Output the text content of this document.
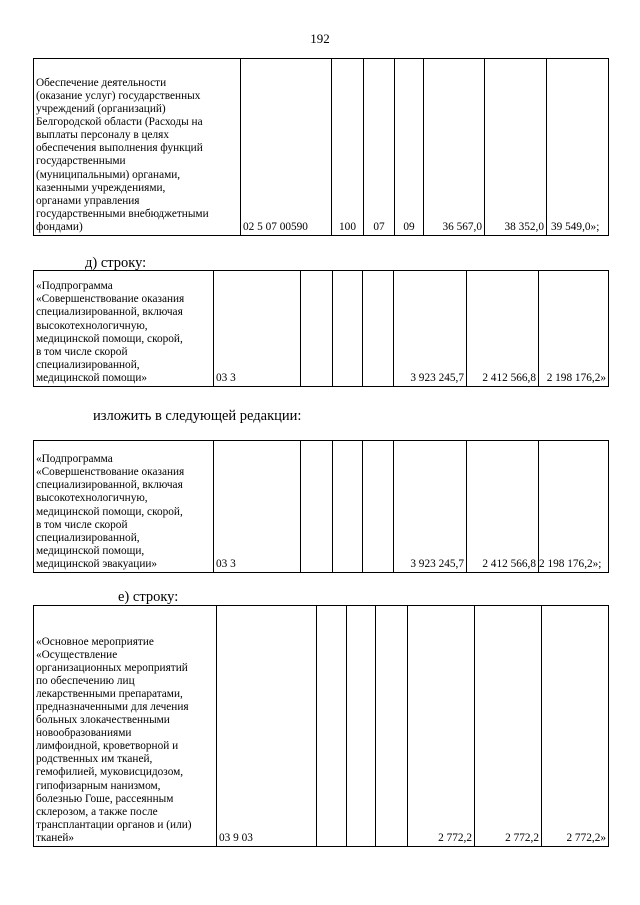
192
Обеспечение деятельности
(оказание услуг) государственных
учреждений (организаций)
Белгородской области (Расходы на
выплаты персоналу в целях
обеспечения выполнения функций
государственными
(муниципальными) органами,
казенными учреждениями,
органами управления
государственными внебюджетными
фондами)	02 5 07 00590	100	07	09	36 567,0	38 352,0	39 549,0»;
д) строку:
«Подпрограмма
«Совершенствование оказания
специализированной, включая
высокотехнологичную,
медицинской помощи, скорой,
в том числе скорой
специализированной,
медицинской помощи»	03 3				3 923 245,7	2 412 566,8	2 198 176,2»
изложить в следующей редакции:
«Подпрограмма
«Совершенствование оказания
специализированной, включая
высокотехнологичную,
медицинской помощи, скорой,
в том числе скорой
специализированной,
медицинской помощи,
медицинской эвакуации»	03 3				3 923 245,7	2 412 566,8	2 198 176,2»;
е) строку:
«Основное мероприятие
«Осуществление
организационных мероприятий
по обеспечению лиц
лекарственными препаратами,
предназначенными для лечения
больных злокачественными
новообразованиями
лимфоидной, кроветворной и
родственных им тканей,
гемофилией, муковисцидозом,
гипофизарным нанизмом,
болезнью Гоше, рассеянным
склерозом, а также после
трансплантации органов и (или)
тканей»	03 9 03				2 772,2	2 772,2	2 772,2»
